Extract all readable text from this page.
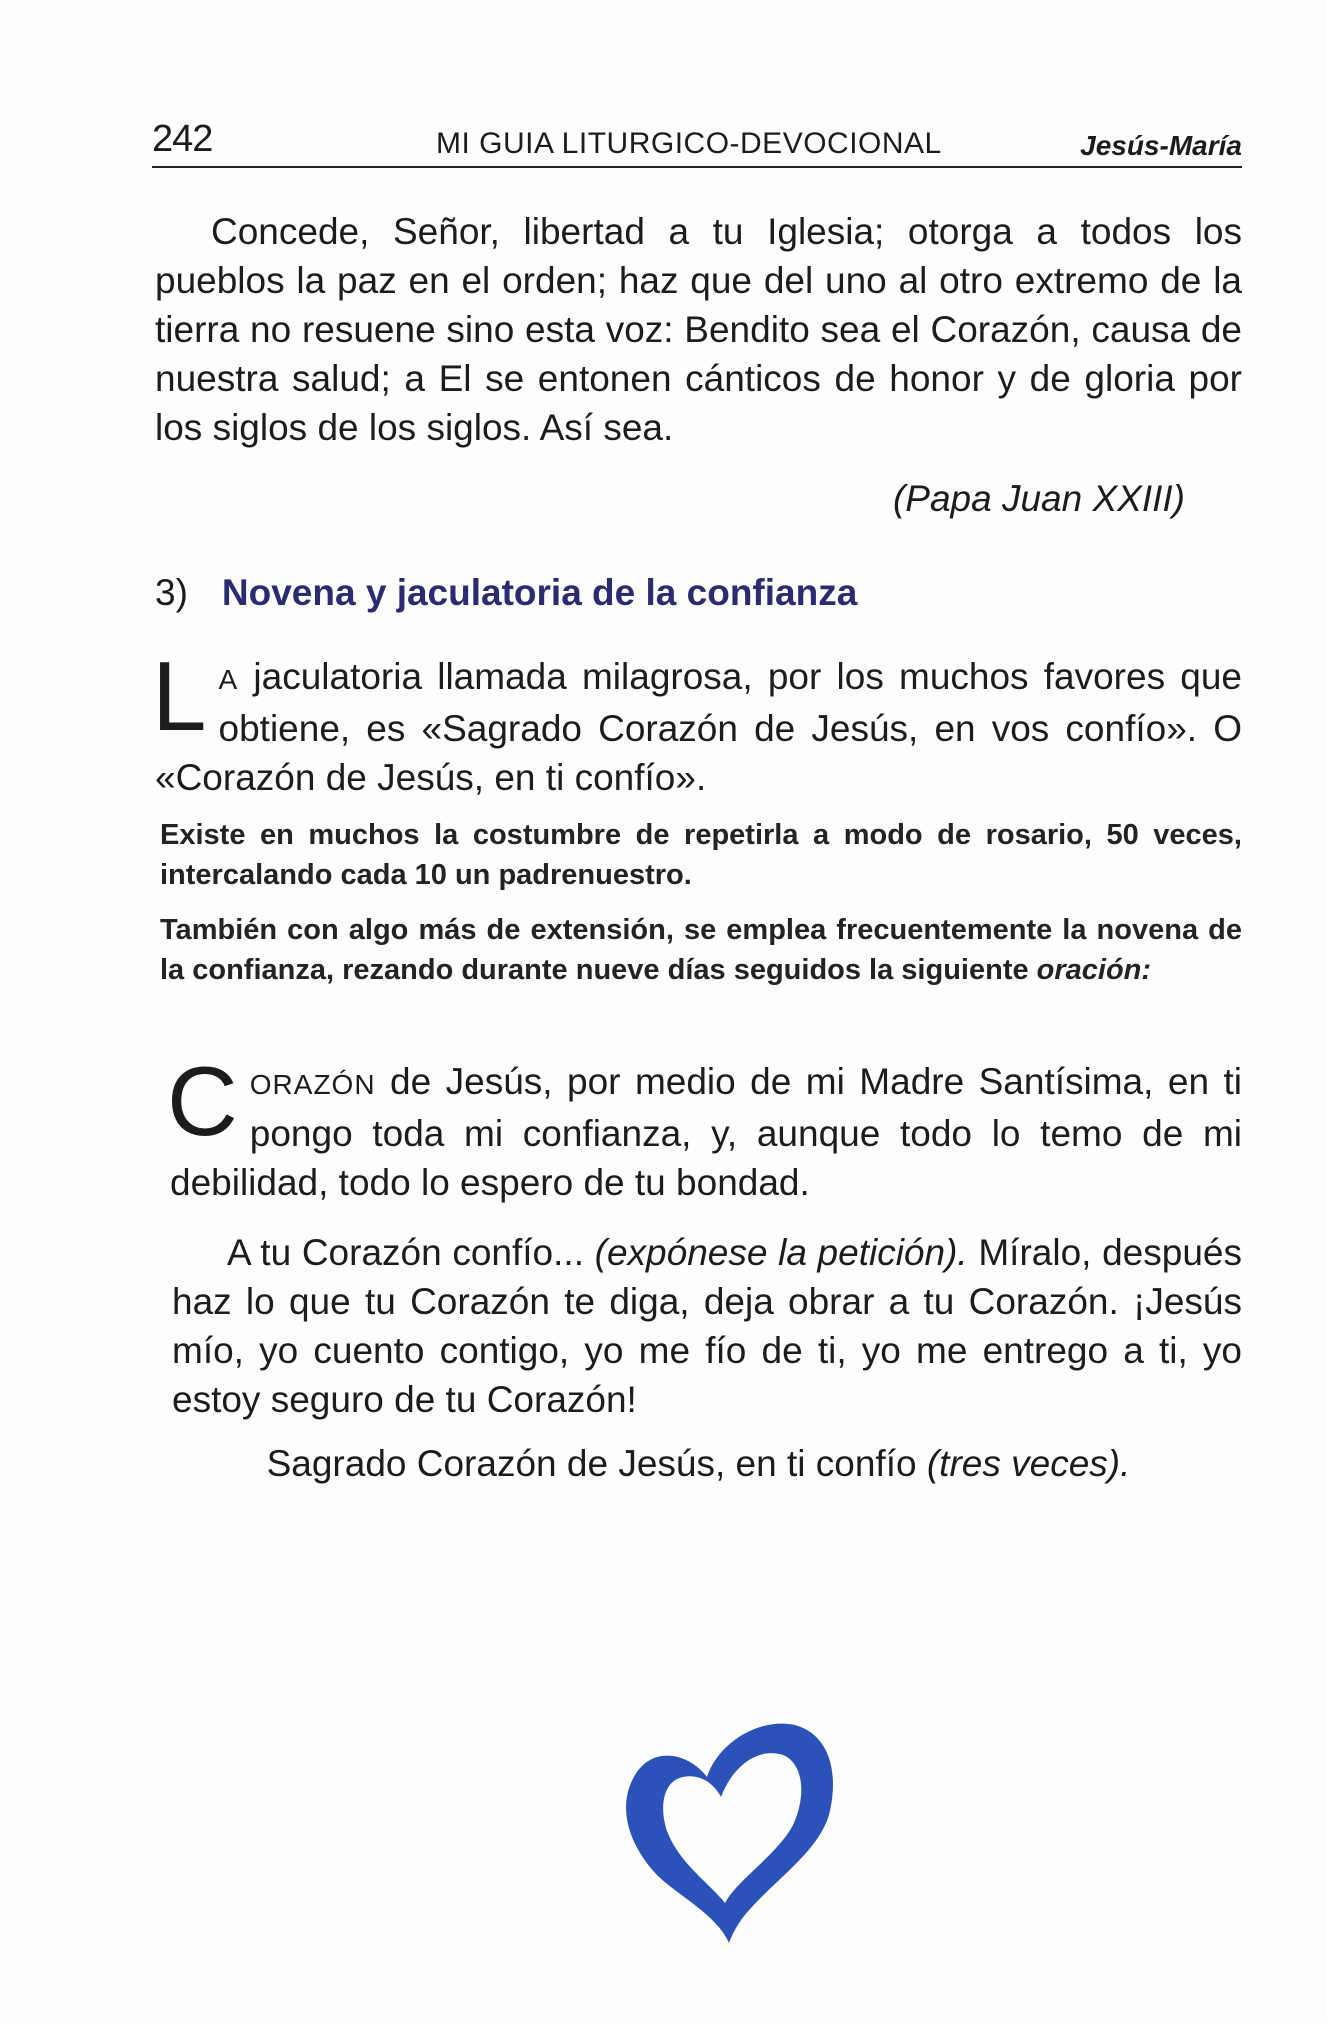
242	MI GUIA LITURGICO-DEVOCIONAL	Jesús-María
Concede, Señor, libertad a tu Iglesia; otorga a todos los pueblos la paz en el orden; haz que del uno al otro extremo de la tierra no resuene sino esta voz: Bendito sea el Corazón, causa de nuestra salud; a El se entonen cánticos de honor y de gloria por los siglos de los siglos. Así sea.
(Papa Juan XXIII)
3) Novena y jaculatoria de la confianza
L A jaculatoria llamada milagrosa, por los muchos favores que obtiene, es «Sagrado Corazón de Jesús, en vos confío». O «Corazón de Jesús, en ti confío».
Existe en muchos la costumbre de repetirla a modo de rosario, 50 veces, intercalando cada 10 un padrenuestro.
También con algo más de extensión, se emplea frecuentemente la novena de la confianza, rezando durante nueve días seguidos la siguiente oración:
CORAZÓN de Jesús, por medio de mi Madre Santísima, en ti pongo toda mi confianza, y, aunque todo lo temo de mi debilidad, todo lo espero de tu bondad.
A tu Corazón confío... (expónese la petición). Míralo, después haz lo que tu Corazón te diga, deja obrar a tu Corazón. ¡Jesús mío, yo cuento contigo, yo me fío de ti, yo me entrego a ti, yo estoy seguro de tu Corazón!
Sagrado Corazón de Jesús, en ti confío (tres veces).
